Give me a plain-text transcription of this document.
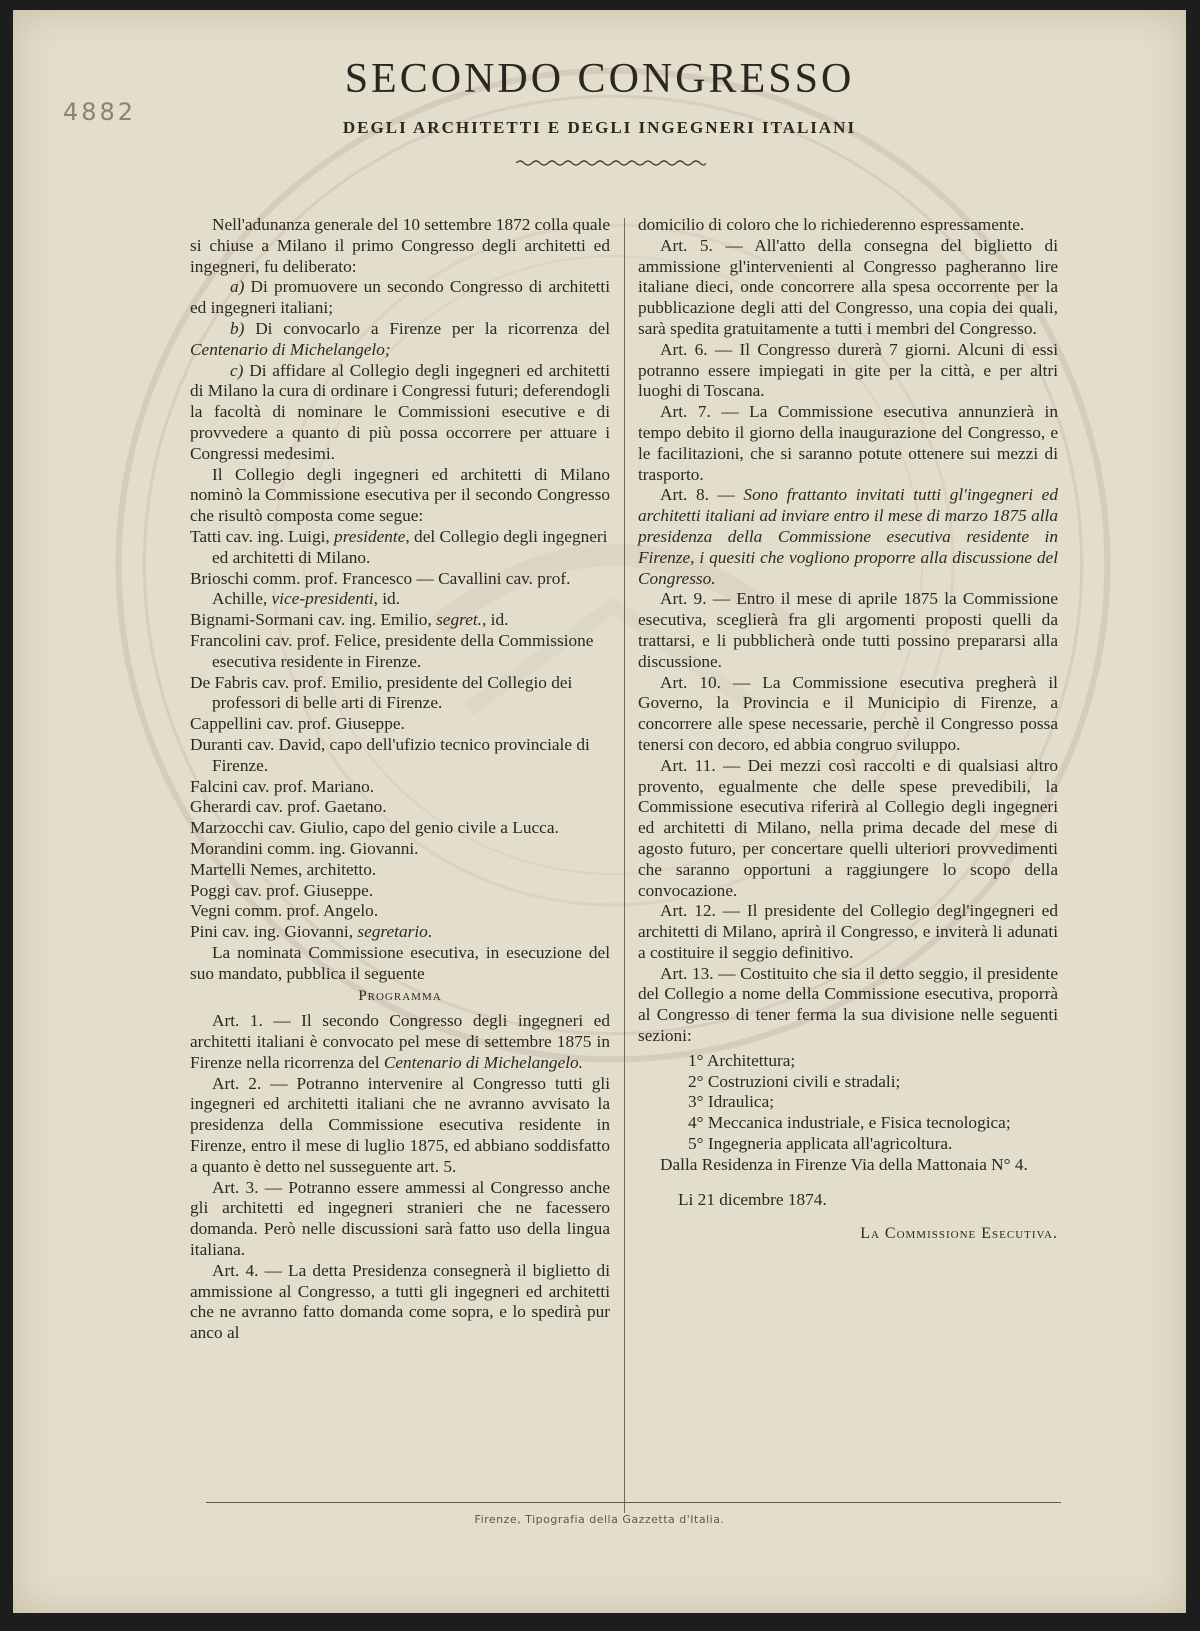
4882
SECONDO CONGRESSO
DEGLI ARCHITETTI E DEGLI INGEGNERI ITALIANI

Nell'adunanza generale del 10 settembre 1872 colla quale si chiuse a Milano il primo Congresso degli architetti ed ingegneri, fu deliberato:

a) Di promuovere un secondo Congresso di architetti ed ingegneri italiani;

b) Di convocarlo a Firenze per la ricorrenza del Centenario di Michelangelo;

c) Di affidare al Collegio degli ingegneri ed architetti di Milano la cura di ordinare i Congressi futuri; deferendogli la facoltà di nominare le Commissioni esecutive e di provvedere a quanto di più possa occorrere per attuare i Congressi medesimi.

Il Collegio degli ingegneri ed architetti di Milano nominò la Commissione esecutiva per il secondo Congresso che risultò composta come segue:

Tatti cav. ing. Luigi, presidente, del Collegio degli ingegneri ed architetti di Milano.

Brioschi comm. prof. Francesco — Cavallini cav. prof. Achille, vice-presidenti, id.

Bignami-Sormani cav. ing. Emilio, segret., id.

Francolini cav. prof. Felice, presidente della Commissione esecutiva residente in Firenze.

De Fabris cav. prof. Emilio, presidente del Collegio dei professori di belle arti di Firenze.

Cappellini cav. prof. Giuseppe.

Duranti cav. David, capo dell'ufizio tecnico provinciale di Firenze.

Falcini cav. prof. Mariano.

Gherardi cav. prof. Gaetano.

Marzocchi cav. Giulio, capo del genio civile a Lucca.

Morandini comm. ing. Giovanni.

Martelli Nemes, architetto.

Poggi cav. prof. Giuseppe.

Vegni comm. prof. Angelo.

Pini cav. ing. Giovanni, segretario.

La nominata Commissione esecutiva, in esecuzione del suo mandato, pubblica il seguente

Programma

Art. 1. — Il secondo Congresso degli ingegneri ed architetti italiani è convocato pel mese di settembre 1875 in Firenze nella ricorrenza del Centenario di Michelangelo.

Art. 2. — Potranno intervenire al Congresso tutti gli ingegneri ed architetti italiani che ne avranno avvisato la presidenza della Commissione esecutiva residente in Firenze, entro il mese di luglio 1875, ed abbiano soddisfatto a quanto è detto nel susseguente art. 5.

Art. 3. — Potranno essere ammessi al Congresso anche gli architetti ed ingegneri stranieri che ne facessero domanda. Però nelle discussioni sarà fatto uso della lingua italiana.

Art. 4. — La detta Presidenza consegnerà il biglietto di ammissione al Congresso, a tutti gli ingegneri ed architetti che ne avranno fatto domanda come sopra, e lo spedirà pur anco al

domicilio di coloro che lo richiederenno espressamente.

Art. 5. — All'atto della consegna del biglietto di ammissione gl'intervenienti al Congresso pagheranno lire italiane dieci, onde concorrere alla spesa occorrente per la pubblicazione degli atti del Congresso, una copia dei quali, sarà spedita gratuitamente a tutti i membri del Congresso.

Art. 6. — Il Congresso durerà 7 giorni. Alcuni di essi potranno essere impiegati in gite per la città, e per altri luoghi di Toscana.

Art. 7. — La Commissione esecutiva annunzierà in tempo debito il giorno della inaugurazione del Congresso, e le facilitazioni, che si saranno potute ottenere sui mezzi di trasporto.

Art. 8. — Sono frattanto invitati tutti gl'ingegneri ed architetti italiani ad inviare entro il mese di marzo 1875 alla presidenza della Commissione esecutiva residente in Firenze, i quesiti che vogliono proporre alla discussione del Congresso.

Art. 9. — Entro il mese di aprile 1875 la Commissione esecutiva, sceglierà fra gli argomenti proposti quelli da trattarsi, e li pubblicherà onde tutti possino prepararsi alla discussione.

Art. 10. — La Commissione esecutiva pregherà il Governo, la Provincia e il Municipio di Firenze, a concorrere alle spese necessarie, perchè il Congresso possa tenersi con decoro, ed abbia congruo sviluppo.

Art. 11. — Dei mezzi così raccolti e di qualsiasi altro provento, egualmente che delle spese prevedibili, la Commissione esecutiva riferirà al Collegio degli ingegneri ed architetti di Milano, nella prima decade del mese di agosto futuro, per concertare quelli ulteriori provvedimenti che saranno opportuni a raggiungere lo scopo della convocazione.

Art. 12. — Il presidente del Collegio degl'ingegneri ed architetti di Milano, aprirà il Congresso, e inviterà li adunati a costituire il seggio definitivo.

Art. 13. — Costituito che sia il detto seggio, il presidente del Collegio a nome della Commissione esecutiva, proporrà al Congresso di tener ferma la sua divisione nelle seguenti sezioni:

1° Architettura;

2° Costruzioni civili e stradali;

3° Idraulica;

4° Meccanica industriale, e Fisica tecnologica;

5° Ingegneria applicata all'agricoltura.

Dalla Residenza in Firenze Via della Mattonaia N° 4.

Li 21 dicembre 1874.

La Commissione Esecutiva.

Firenze, Tipografia della Gazzetta d'Italia.
